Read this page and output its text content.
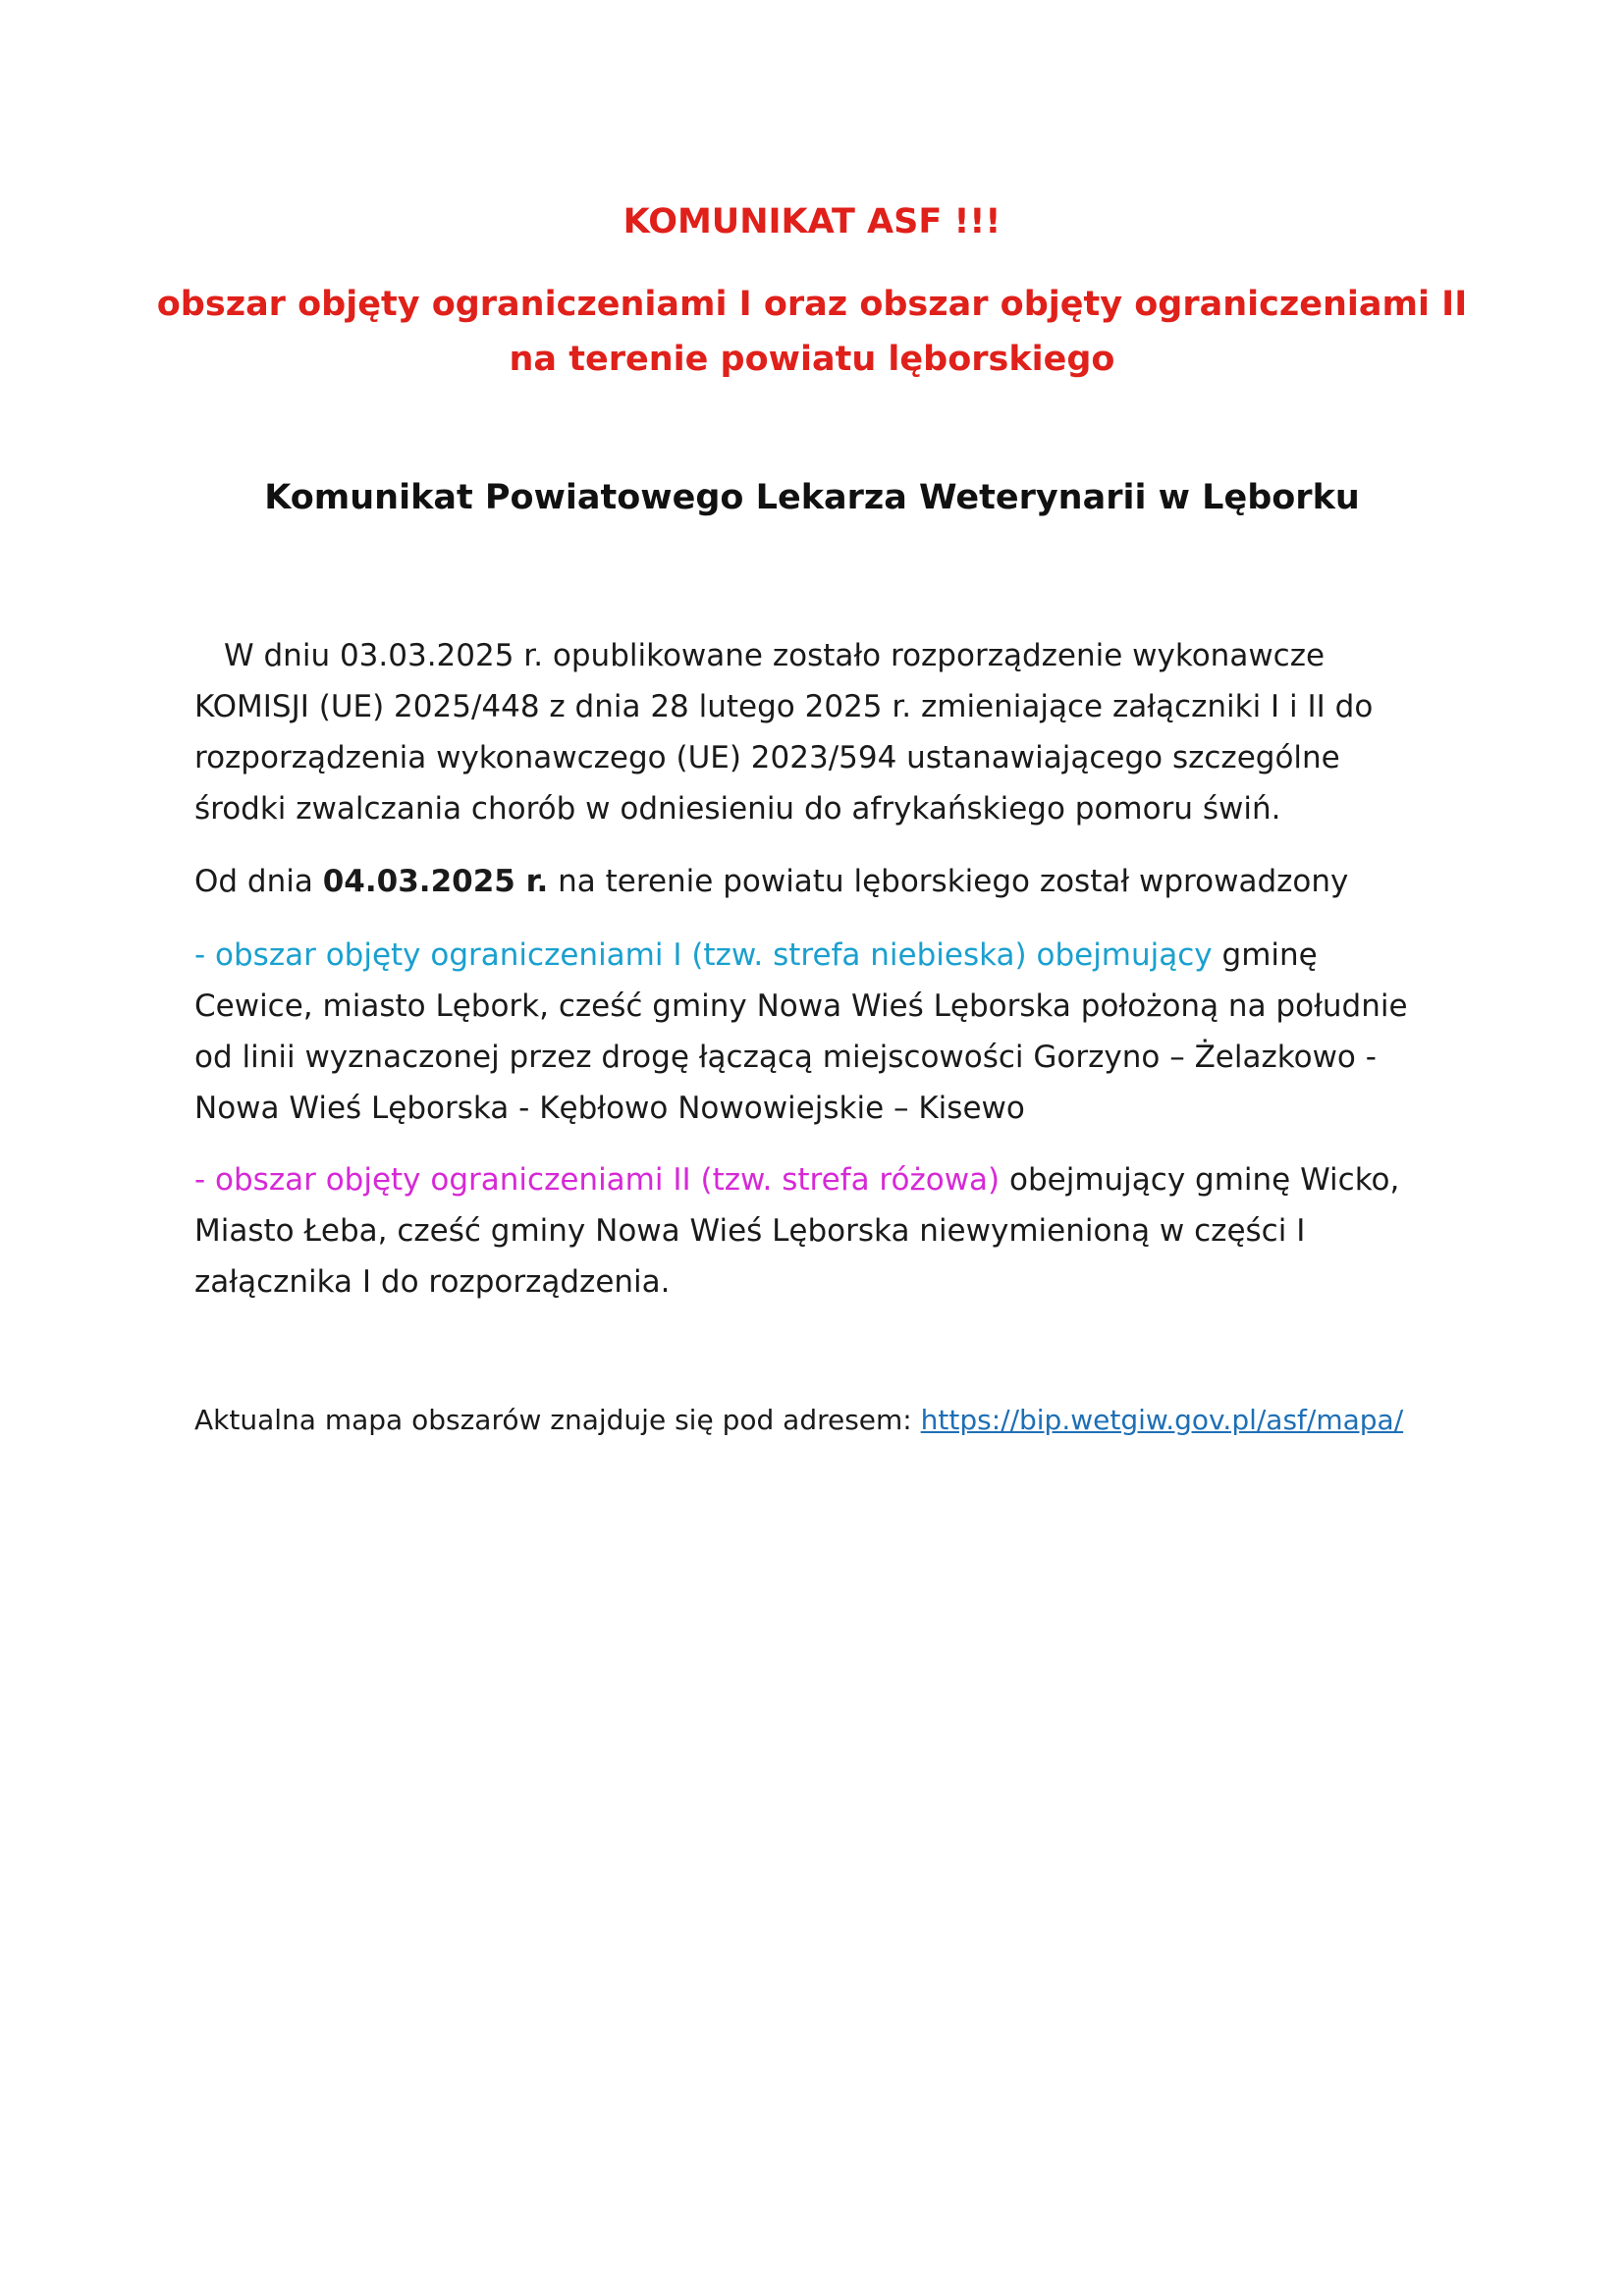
KOMUNIKAT ASF !!!
obszar objęty ograniczeniami I oraz obszar objęty ograniczeniami II
na terenie powiatu lęborskiego
Komunikat Powiatowego Lekarza Weterynarii w Lęborku
W dniu 03.03.2025 r. opublikowane zostało rozporządzenie wykonawcze
KOMISJI (UE) 2025/448 z dnia 28 lutego 2025 r. zmieniające załączniki I i II do
rozporządzenia wykonawczego (UE) 2023/594 ustanawiającego szczególne
środki zwalczania chorób w odniesieniu do afrykańskiego pomoru świń.
Od dnia 04.03.2025 r. na terenie powiatu lęborskiego został wprowadzony
- obszar objęty ograniczeniami I (tzw. strefa niebieska) obejmujący gminę
Cewice, miasto Lębork, cześć gminy Nowa Wieś Lęborska położoną na południe
od linii wyznaczonej przez drogę łączącą miejscowości Gorzyno – Żelazkowo -
Nowa Wieś Lęborska - Kębłowo Nowowiejskie – Kisewo
- obszar objęty ograniczeniami II (tzw. strefa różowa) obejmujący gminę Wicko,
Miasto Łeba, cześć gminy Nowa Wieś Lęborska niewymienioną w części I
załącznika I do rozporządzenia.
Aktualna mapa obszarów znajduje się pod adresem: https://bip.wetgiw.gov.pl/asf/mapa/
